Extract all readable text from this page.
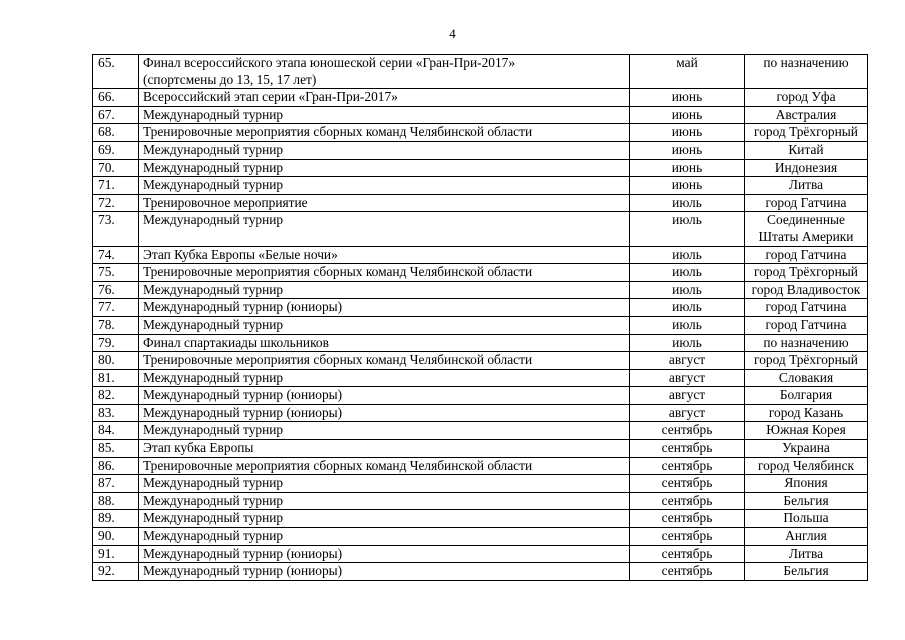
4
65.	Финал всероссийского этапа юношеской серии «Гран-При-2017»
(спортсмены до 13, 15, 17 лет)	май	по назначению

66.	Всероссийский этап серии «Гран-При-2017»	июнь	город Уфа

67.	Международный турнир	июнь	Австралия

68.	Тренировочные мероприятия сборных команд Челябинской области	июнь	город Трёхгорный

69.	Международный турнир	июнь	Китай

70.	Международный турнир	июнь	Индонезия

71.	Международный турнир	июнь	Литва

72.	Тренировочное мероприятие	июль	город Гатчина

73.	Международный турнир	июль	Соединенные
Штаты Америки

74.	Этап Кубка Европы «Белые ночи»	июль	город Гатчина

75.	Тренировочные мероприятия сборных команд Челябинской области	июль	город Трёхгорный

76.	Международный турнир	июль	город Владивосток

77.	Международный турнир (юниоры)	июль	город Гатчина

78.	Международный турнир	июль	город Гатчина

79.	Финал спартакиады школьников	июль	по назначению

80.	Тренировочные мероприятия сборных команд Челябинской области	август	город Трёхгорный

81.	Международный турнир	август	Словакия

82.	Международный турнир (юниоры)	август	Болгария

83.	Международный турнир (юниоры)	август	город Казань

84.	Международный турнир	сентябрь	Южная Корея

85.	Этап кубка Европы	сентябрь	Украина

86.	Тренировочные мероприятия сборных команд Челябинской области	сентябрь	город Челябинск

87.	Международный турнир	сентябрь	Япония

88.	Международный турнир	сентябрь	Бельгия

89.	Международный турнир	сентябрь	Польша

90.	Международный турнир	сентябрь	Англия

91.	Международный турнир (юниоры)	сентябрь	Литва

92.	Международный турнир (юниоры)	сентябрь	Бельгия
